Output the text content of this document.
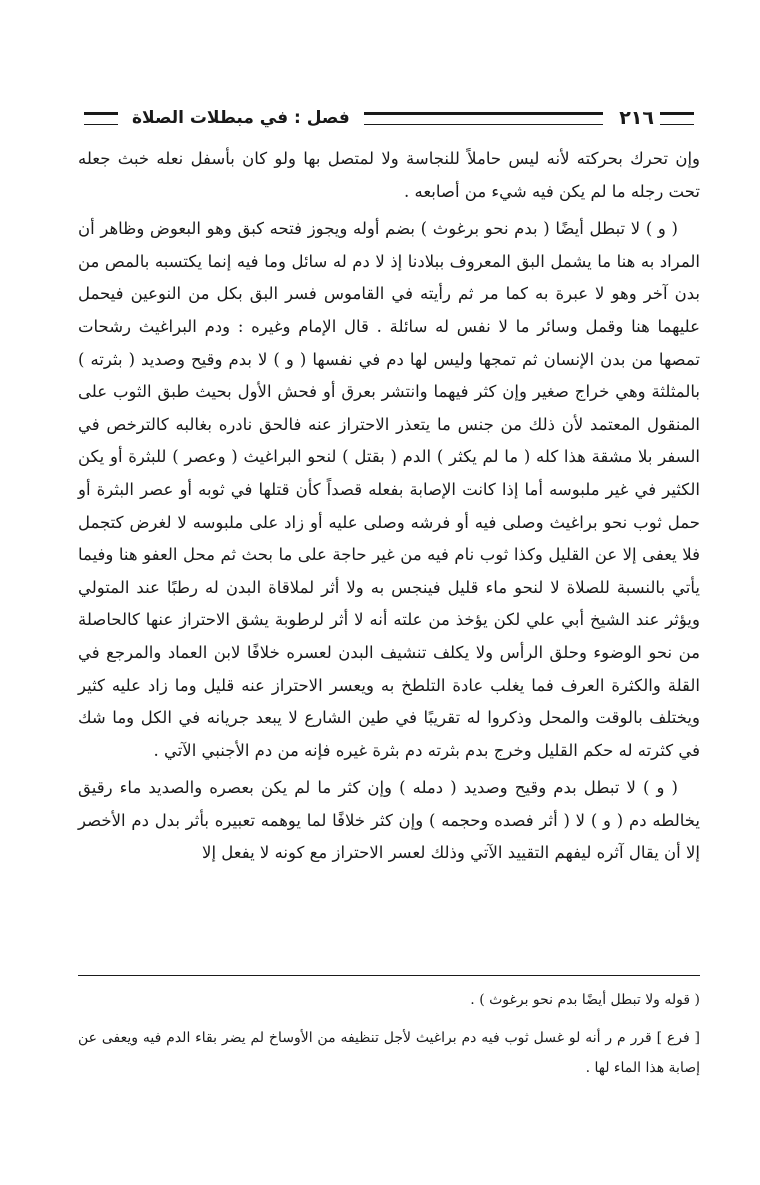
٢١٦
فصل : في مبطلات الصلاة

وإن تحرك بحركته لأنه ليس حاملاً للنجاسة ولا لمتصل بها ولو كان بأسفل نعله خبث جعله تحت رجله ما لم يكن فيه شيء من أصابعه .

( و ) لا تبطل أيضًا ( بدم نحو برغوث ) بضم أوله ويجوز فتحه كبق وهو البعوض وظاهر أن المراد به هنا ما يشمل البق المعروف ببلادنا إذ لا دم له سائل وما فيه إنما يكتسبه بالمص من بدن آخر وهو لا عبرة به كما مر ثم رأيته في القاموس فسر البق بكل من النوعين فيحمل عليهما هنا وقمل وسائر ما لا نفس له سائلة . قال الإمام وغيره : ودم البراغيث رشحات تمصها من بدن الإنسان ثم تمجها وليس لها دم في نفسها ( و ) لا بدم وقيح وصديد ( بثرته ) بالمثلثة وهي خراج صغير وإن كثر فيهما وانتشر بعرق أو فحش الأول بحيث طبق الثوب على المنقول المعتمد لأن ذلك من جنس ما يتعذر الاحتراز عنه فالحق نادره بغالبه كالترخص في السفر بلا مشقة هذا كله ( ما لم يكثر ) الدم ( بقتل ) لنحو البراغيث ( وعصر ) للبثرة أو يكن الكثير في غير ملبوسه أما إذا كانت الإصابة بفعله قصداً كأن قتلها في ثوبه أو عصر البثرة أو حمل ثوب نحو براغيث وصلى فيه أو فرشه وصلى عليه أو زاد على ملبوسه لا لغرض كتجمل فلا يعفى إلا عن القليل وكذا ثوب نام فيه من غير حاجة على ما بحث ثم محل العفو هنا وفيما يأتي بالنسبة للصلاة لا لنحو ماء قليل فينجس به ولا أثر لملاقاة البدن له رطبًا عند المتولي ويؤثر عند الشيخ أبي علي لكن يؤخذ من علته أنه لا أثر لرطوبة يشق الاحتراز عنها كالحاصلة من نحو الوضوء وحلق الرأس ولا يكلف تنشيف البدن لعسره خلافًا لابن العماد والمرجع في القلة والكثرة العرف فما يغلب عادة التلطخ به ويعسر الاحتراز عنه قليل وما زاد عليه كثير ويختلف بالوقت والمحل وذكروا له تقريبًا في طين الشارع لا يبعد جريانه في الكل وما شك في كثرته له حكم القليل وخرج بدم بثرته دم بثرة غيره فإنه من دم الأجنبي الآتي .

( و ) لا تبطل بدم وقيح وصديد ( دمله ) وإن كثر ما لم يكن بعصره والصديد ماء رقيق يخالطه دم ( و ) لا ( أثر فصده وحجمه ) وإن كثر خلافًا لما يوهمه تعبيره بأثر بدل دم الأخصر إلا أن يقال آثره ليفهم التقييد الآتي وذلك لعسر الاحتراز مع كونه لا يفعل إلا

( قوله ولا تبطل أيضًا بدم نحو برغوث ) .

[ فرع ] قرر م ر أنه لو غسل ثوب فيه دم براغيث لأجل تنظيفه من الأوساخ لم يضر بقاء الدم فيه ويعفى عن إصابة هذا الماء لها .
